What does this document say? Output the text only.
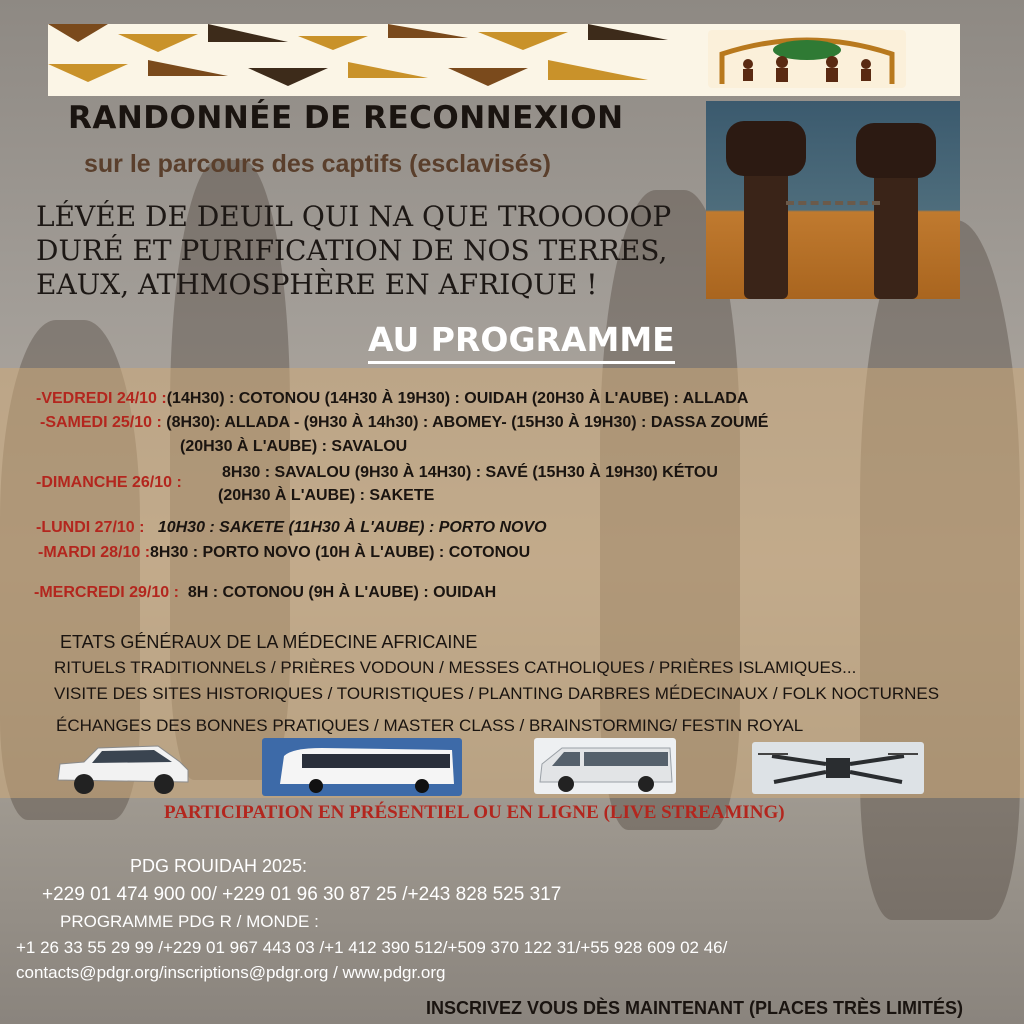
RANDONNÉE DE RECONNEXION
sur le parcours des captifs (esclavisés)
LÉVÉE DE DEUIL QUI NA QUE TROOOOOP
DURÉ ET PURIFICATION DE NOS TERRES,
EAUX, ATHMOSPHÈRE EN AFRIQUE !
AU PROGRAMME
-VEDREDI 24/10 :(14H30) : COTONOU (14H30 À 19H30) : OUIDAH (20H30 À L'AUBE) : ALLADA
-SAMEDI 25/10 : (8H30): ALLADA - (9H30 À 14h30) : ABOMEY- (15H30 À 19H30) : DASSA ZOUMÉ
(20H30 À L'AUBE) : SAVALOU
-DIMANCHE 26/10 :
8H30 : SAVALOU (9H30 À 14H30) : SAVÉ (15H30 À 19H30) KÉTOU
(20H30 À L'AUBE) : SAKETE
-LUNDI 27/10 : 10H30 : SAKETE (11H30 À L'AUBE) : PORTO NOVO
-MARDI 28/10 :8H30 : PORTO NOVO (10H À L'AUBE) : COTONOU
-MERCREDI 29/10 : 8H : COTONOU (9H À L'AUBE) : OUIDAH
ETATS GÉNÉRAUX DE LA MÉDECINE AFRICAINE
RITUELS TRADITIONNELS / PRIÈRES VODOUN / MESSES CATHOLIQUES / PRIÈRES ISLAMIQUES...
VISITE DES SITES HISTORIQUES / TOURISTIQUES / PLANTING DARBRES MÉDECINAUX / FOLK NOCTURNES
ÉCHANGES DES BONNES PRATIQUES / MASTER CLASS / BRAINSTORMING/ FESTIN ROYAL
PARTICIPATION EN PRÉSENTIEL OU EN LIGNE (LIVE STREAMING)
PDG ROUIDAH 2025:
+229 01 474 900 00/ +229 01 96 30 87 25 /+243 828 525 317
PROGRAMME PDG R / MONDE :
+1 26 33 55 29 99 /+229 01 967 443 03 /+1 412 390 512/+509 370 122 31/+55 928 609 02 46/
contacts@pdgr.org/inscriptions@pdgr.org / www.pdgr.org
INSCRIVEZ VOUS DÈS MAINTENANT (PLACES TRÈS LIMITÉS)
